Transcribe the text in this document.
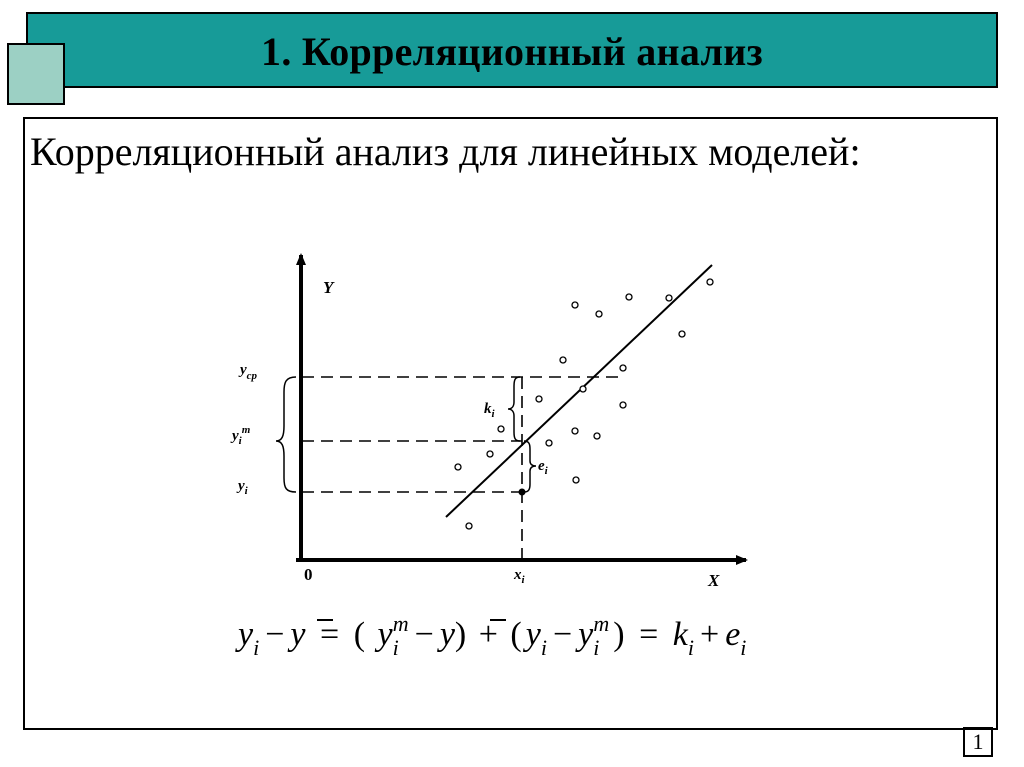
1. Корреляционный анализ
Корреляционный анализ для линейных моделей:
Y
X
0
$y_{ср}$
$y_i^m$
$y_i$
$k_i$
$e_i$
$x_i$
$y_i - y$ = ( $y_im - y$) + ( $y_i - y_im$ ) = $k_i + e_i$
1
